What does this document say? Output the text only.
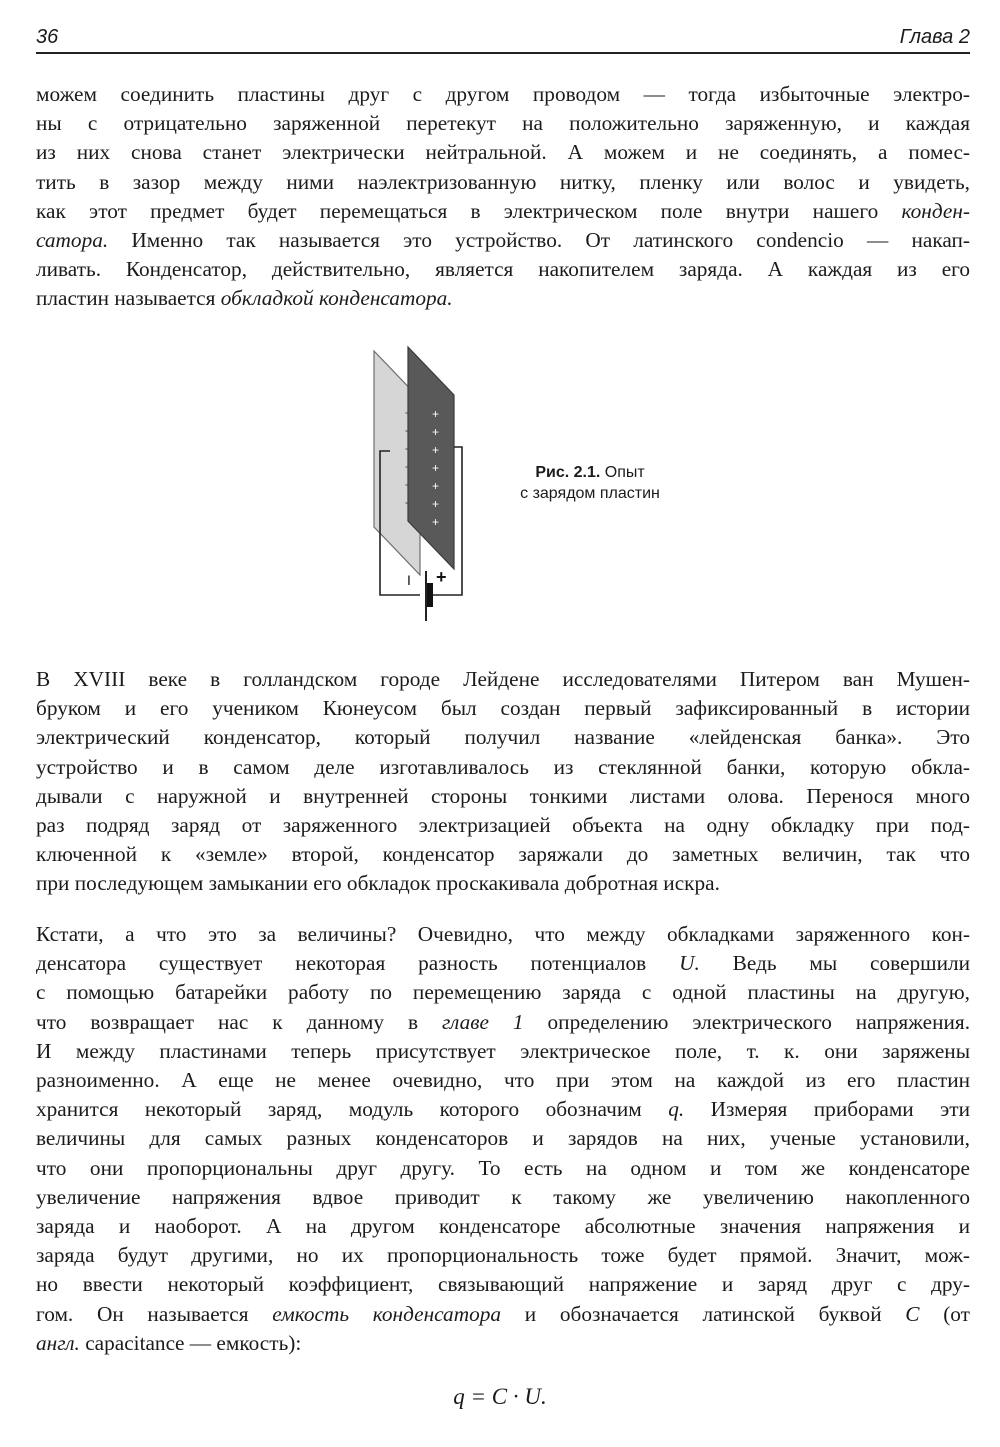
36	Глава 2
можем соединить пластины друг с другом проводом — тогда избыточные электро-
ны с отрицательно заряженной перетекут на положительно заряженную, и каждая
из них снова станет электрически нейтральной. А можем и не соединять, а помес-
тить в зазор между ними наэлектризованную нитку, пленку или волос и увидеть,
как этот предмет будет перемещаться в электрическом поле внутри нашего конден-
сатора. Именно так называется это устройство. От латинского condencio — накап-
ливать. Конденсатор, действительно, является накопителем заряда. А каждая из его
пластин называется обкладкой конденсатора.
I +
-
-
-
-
-
-
+
+
+
+
+
+
+
Рис. 2.1. Опыт
с зарядом пластин
В XVIII веке в голландском городе Лейдене исследователями Питером ван Мушен-
бруком и его учеником Кюнеусом был создан первый зафиксированный в истории
электрический конденсатор, который получил название «лейденская банка». Это
устройство и в самом деле изготавливалось из стеклянной банки, которую обкла-
дывали с наружной и внутренней стороны тонкими листами олова. Перенося много
раз подряд заряд от заряженного электризацией объекта на одну обкладку при под-
ключенной к «земле» второй, конденсатор заряжали до заметных величин, так что
при последующем замыкании его обкладок проскакивала добротная искра.
Кстати, а что это за величины? Очевидно, что между обкладками заряженного кон-
денсатора существует некоторая разность потенциалов U. Ведь мы совершили
с помощью батарейки работу по перемещению заряда с одной пластины на другую,
что возвращает нас к данному в главе 1 определению электрического напряжения.
И между пластинами теперь присутствует электрическое поле, т. к. они заряжены
разноименно. А еще не менее очевидно, что при этом на каждой из его пластин
хранится некоторый заряд, модуль которого обозначим q. Измеряя приборами эти
величины для самых разных конденсаторов и зарядов на них, ученые установили,
что они пропорциональны друг другу. То есть на одном и том же конденсаторе
увеличение напряжения вдвое приводит к такому же увеличению накопленного
заряда и наоборот. А на другом конденсаторе абсолютные значения напряжения и
заряда будут другими, но их пропорциональность тоже будет прямой. Значит, мож-
но ввести некоторый коэффициент, связывающий напряжение и заряд друг с дру-
гом. Он называется емкость конденсатора и обозначается латинской буквой C (от
англ. capacitance — емкость):
q = C · U.
